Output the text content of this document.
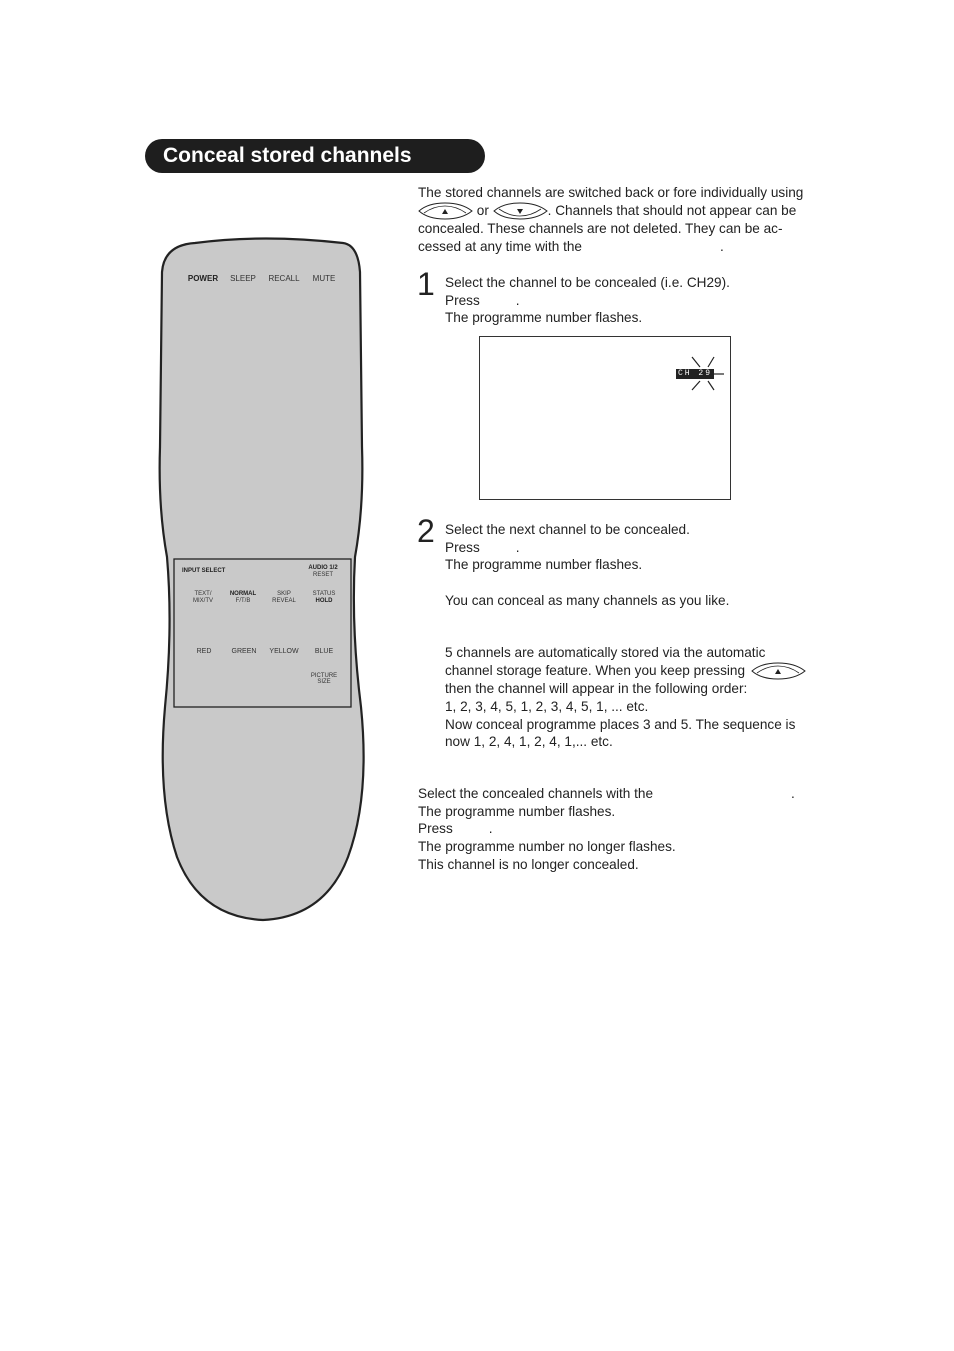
Conceal stored channels
POWER	SLEEP	RECALL	MUTE
INPUT SELECT	AUDIO 1/2
RESET
TEXT/
MIX/TV
NORMAL
F/T/B
SKIP
REVEAL
STATUS
HOLD
RED	GREEN	YELLOW	BLUE
PICTURE
SIZE

The stored channels are switched back or fore individually using

or	. Channels that should not appear can be

concealed. These channels are not deleted. They can be ac-

cessed at any time with the	.

1 Select the channel to be concealed (i.e. CH29).

Press	.

The programme number flashes.

CH 29
2 Select the next channel to be concealed.

Press	.

The programme number flashes.

You can conceal as many channels as you like.

5 channels are automatically stored via the automatic

channel storage feature. When you keep pressing

then the channel will appear in the following order:

1, 2, 3, 4, 5, 1, 2, 3, 4, 5, 1, ... etc.

Now conceal programme places 3 and 5. The sequence is

now 1, 2, 4, 1, 2, 4, 1,... etc.

Select the concealed channels with the	.

The programme number flashes.

Press	.

The programme number no longer flashes.

This channel is no longer concealed.
